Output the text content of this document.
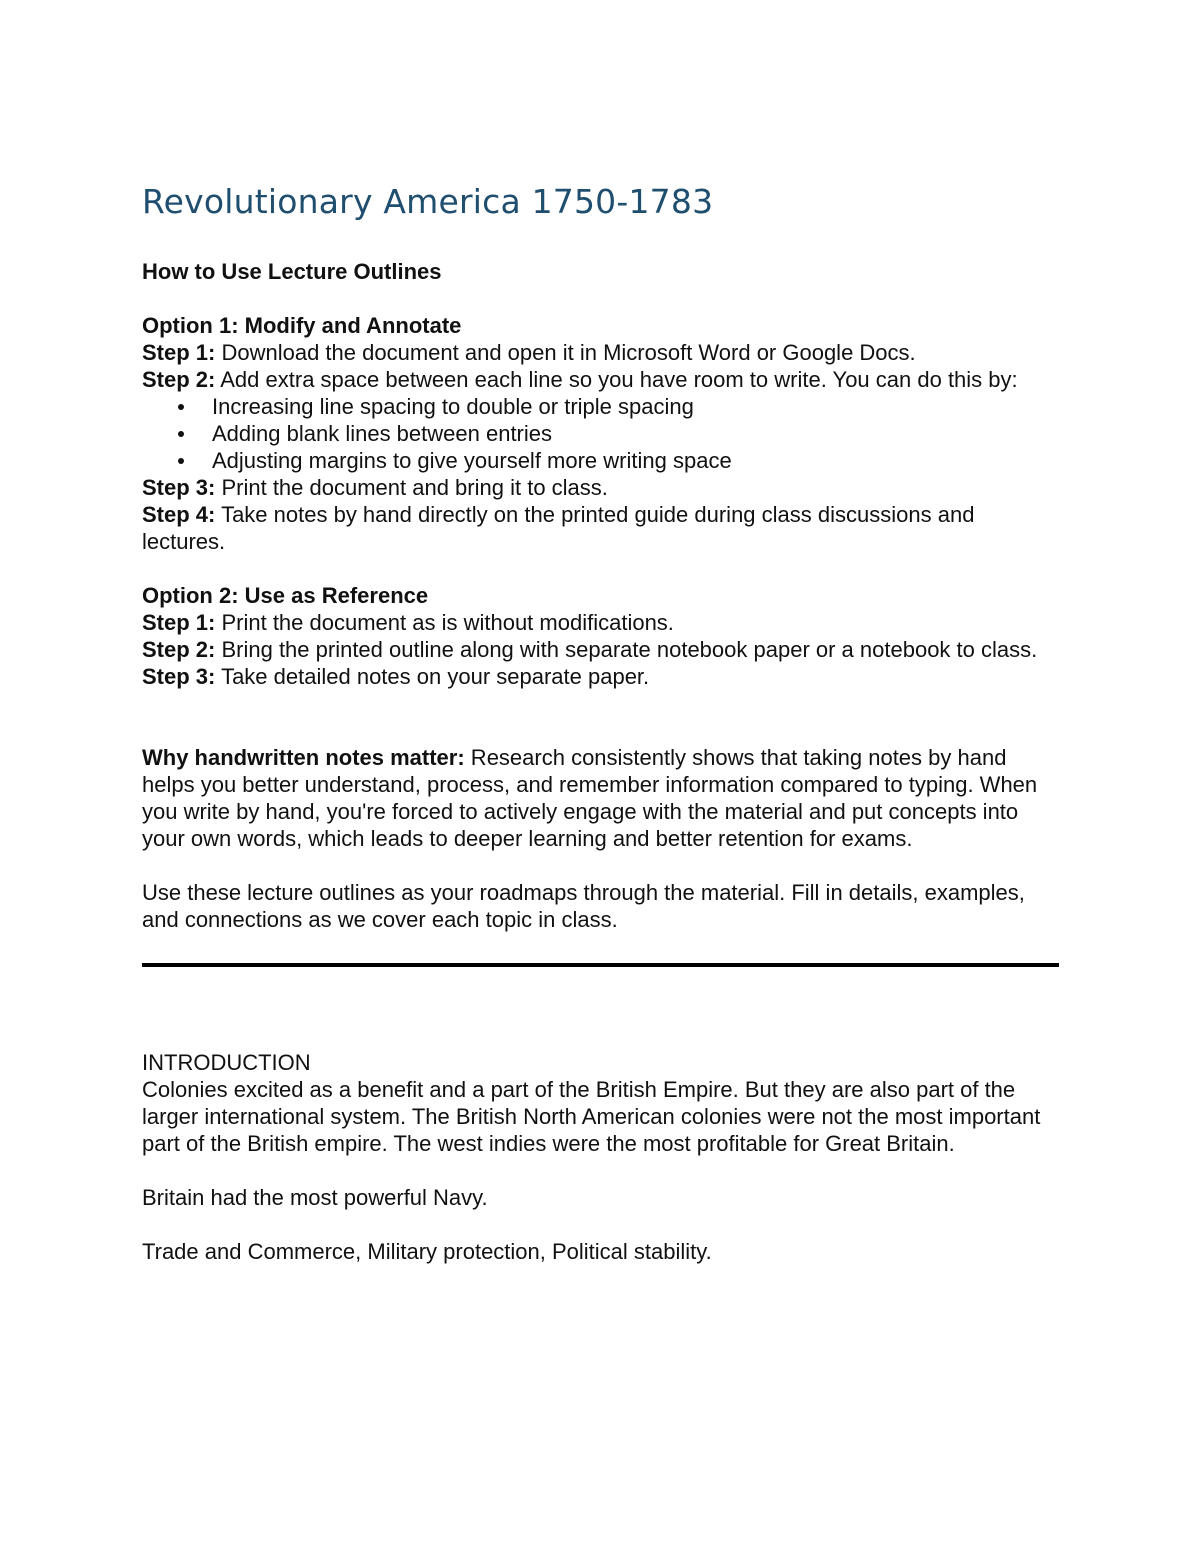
Revolutionary America 1750-1783

How to Use Lecture Outlines

Option 1: Modify and Annotate

Step 1: Download the document and open it in Microsoft Word or Google Docs.

Step 2: Add extra space between each line so you have room to write. You can do this by:

Increasing line spacing to double or triple spacing
Adding blank lines between entries
Adjusting margins to give yourself more writing space

Step 3: Print the document and bring it to class.

Step 4: Take notes by hand directly on the printed guide during class discussions and lectures.

Option 2: Use as Reference

Step 1: Print the document as is without modifications.

Step 2: Bring the printed outline along with separate notebook paper or a notebook to class.

Step 3: Take detailed notes on your separate paper.

Why handwritten notes matter: Research consistently shows that taking notes by hand helps you better understand, process, and remember information compared to typing. When you write by hand, you're forced to actively engage with the material and put concepts into your own words, which leads to deeper learning and better retention for exams.

Use these lecture outlines as your roadmaps through the material. Fill in details, examples, and connections as we cover each topic in class.

INTRODUCTION

Colonies excited as a benefit and a part of the British Empire. But they are also part of the larger international system. The British North American colonies were not the most important part of the British empire. The west indies were the most profitable for Great Britain.

Britain had the most powerful Navy.

Trade and Commerce, Military protection, Political stability.
